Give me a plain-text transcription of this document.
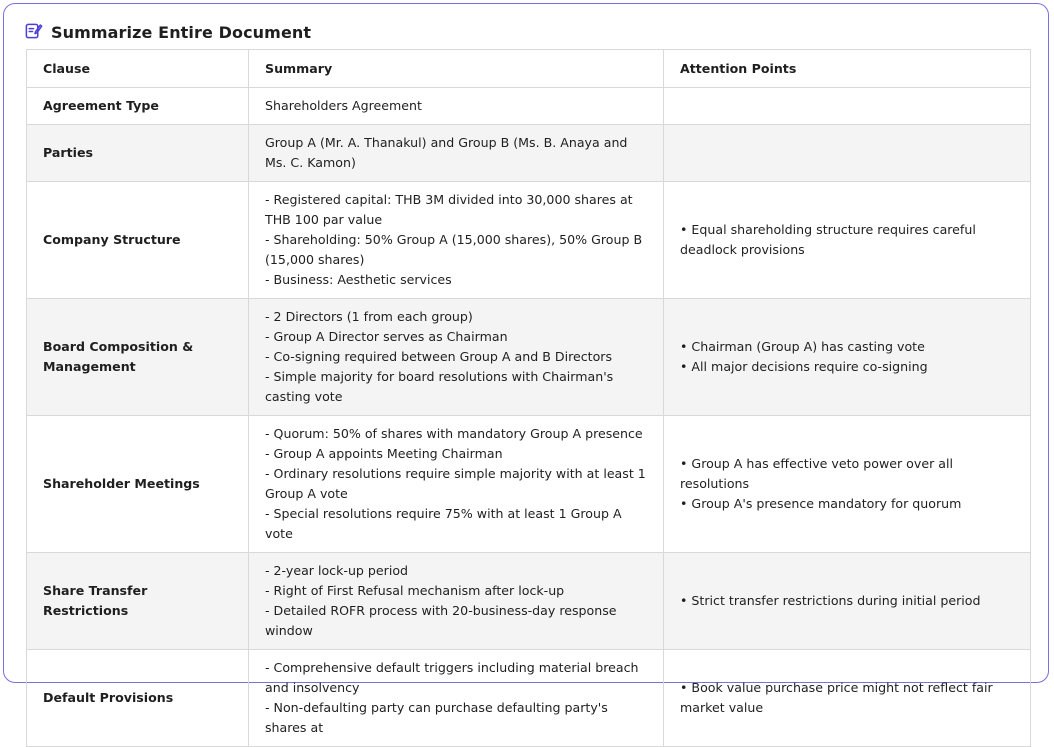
Summarize Entire Document
Clause	Summary	Attention Points
Agreement Type	Shareholders Agreement	

Parties	Group A (Mr. A. Thanakul) and Group B (Ms. B. Anaya and Ms. C. Kamon)	

Company Structure	- Registered capital: THB 3M divided into 30,000 shares at THB 100 par value
- Shareholding: 50% Group A (15,000 shares), 50% Group B (15,000 shares)
- Business: Aesthetic services	• Equal shareholding structure requires careful deadlock provisions

Board Composition & Management	- 2 Directors (1 from each group)
- Group A Director serves as Chairman
- Co-signing required between Group A and B Directors
- Simple majority for board resolutions with Chairman's casting vote	• Chairman (Group A) has casting vote
• All major decisions require co-signing

Shareholder Meetings	- Quorum: 50% of shares with mandatory Group A presence
- Group A appoints Meeting Chairman
- Ordinary resolutions require simple majority with at least 1 Group A vote
- Special resolutions require 75% with at least 1 Group A vote	• Group A has effective veto power over all resolutions
• Group A's presence mandatory for quorum

Share Transfer Restrictions	- 2-year lock-up period
- Right of First Refusal mechanism after lock-up
- Detailed ROFR process with 20-business-day response window	• Strict transfer restrictions during initial period

Default Provisions	- Comprehensive default triggers including material breach and insolvency
- Non-defaulting party can purchase defaulting party's shares at	• Book value purchase price might not reflect fair market value
